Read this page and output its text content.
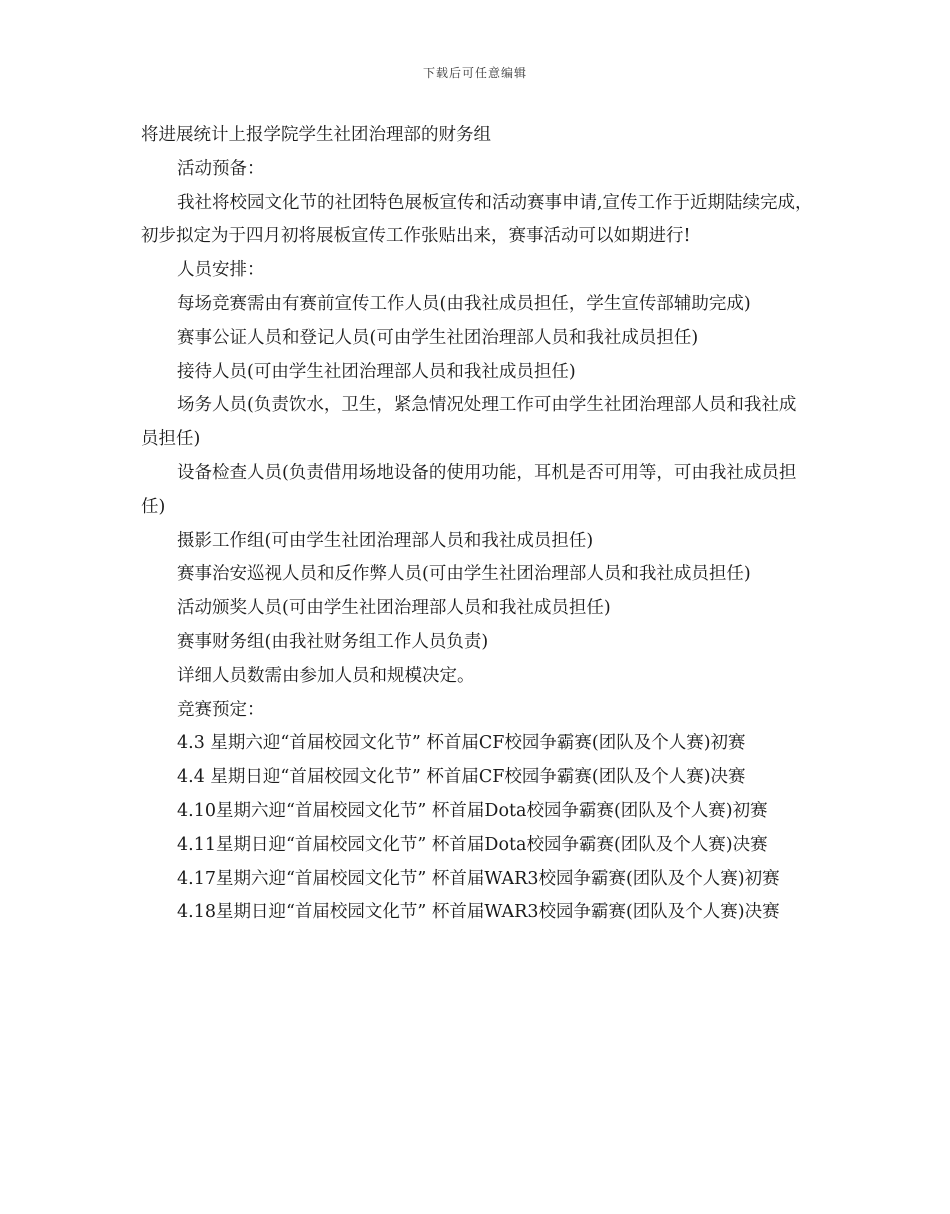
下载后可任意编辑

将进展统计上报学院学生社团治理部的财务组

活动预备：

我社将校园文化节的社团特色展板宣传和活动赛事申请,宣传工作于近期陆续完成，初步拟定为于四月初将展板宣传工作张贴出来，赛事活动可以如期进行!

人员安排：

每场竞赛需由有赛前宣传工作人员(由我社成员担任，学生宣传部辅助完成)

赛事公证人员和登记人员(可由学生社团治理部人员和我社成员担任)

接待人员(可由学生社团治理部人员和我社成员担任)

场务人员(负责饮水，卫生，紧急情况处理工作可由学生社团治理部人员和我社成员担任)

设备检查人员(负责借用场地设备的使用功能，耳机是否可用等，可由我社成员担任)

摄影工作组(可由学生社团治理部人员和我社成员担任)

赛事治安巡视人员和反作弊人员(可由学生社团治理部人员和我社成员担任)

活动颁奖人员(可由学生社团治理部人员和我社成员担任)

赛事财务组(由我社财务组工作人员负责)

详细人员数需由参加人员和规模决定。

竞赛预定：

4.3 星期六迎“首届校园文化节” 杯首届CF校园争霸赛(团队及个人赛)初赛

4.4 星期日迎“首届校园文化节” 杯首届CF校园争霸赛(团队及个人赛)决赛

4.10星期六迎“首届校园文化节” 杯首届Dota校园争霸赛(团队及个人赛)初赛

4.11星期日迎“首届校园文化节” 杯首届Dota校园争霸赛(团队及个人赛)决赛

4.17星期六迎“首届校园文化节” 杯首届WAR3校园争霸赛(团队及个人赛)初赛

4.18星期日迎“首届校园文化节” 杯首届WAR3校园争霸赛(团队及个人赛)决赛
